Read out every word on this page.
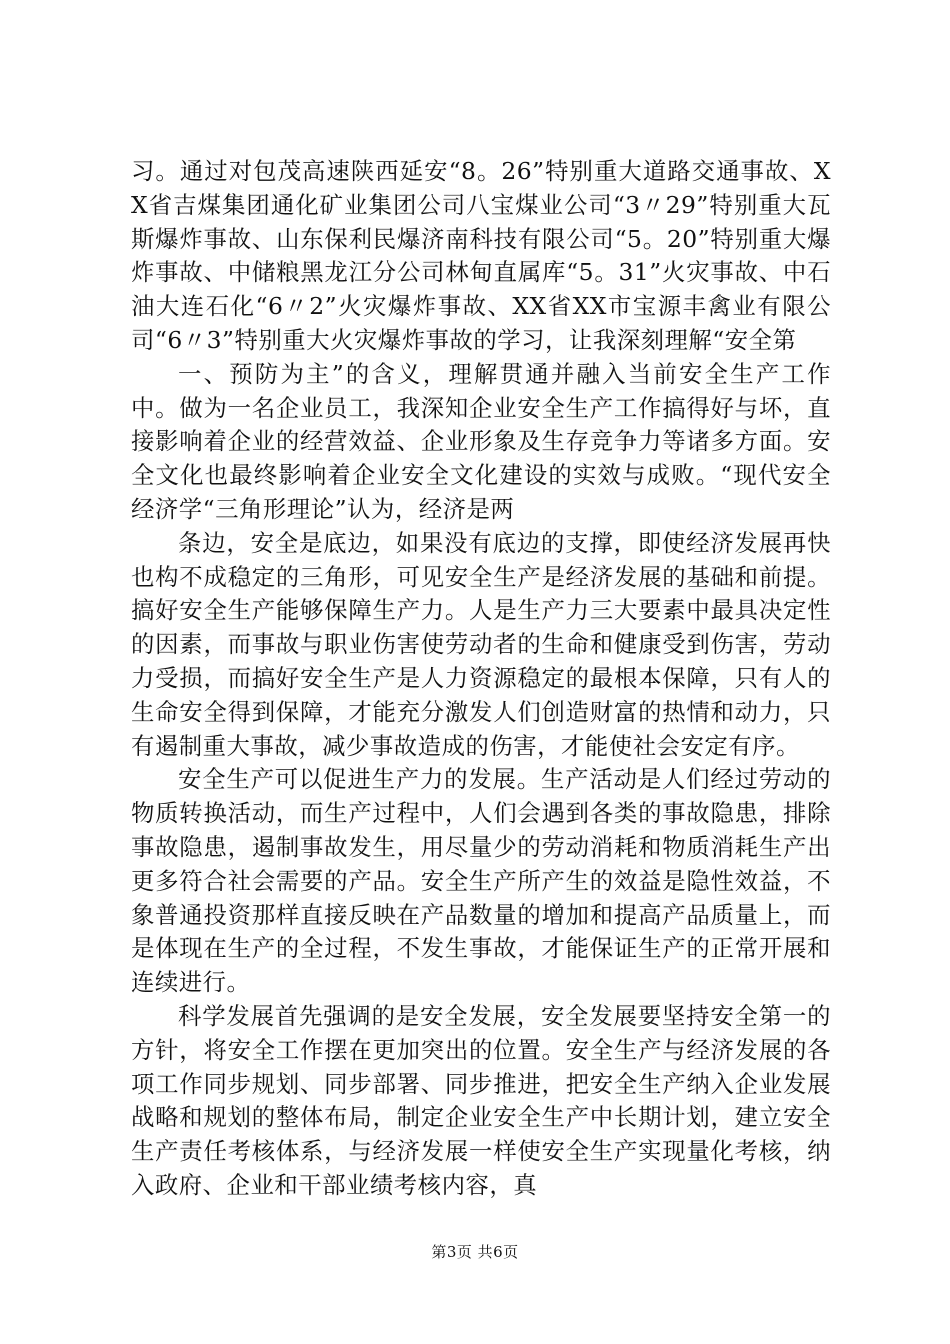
习。通过对包茂高速陕西延安“8。26”特别重大道路交通事故、XX省吉煤集团通化矿业集团公司八宝煤业公司“3〃29”特别重大瓦斯爆炸事故、山东保利民爆济南科技有限公司“5。20”特别重大爆炸事故、中储粮黑龙江分公司林甸直属库“5。31”火灾事故、中石油大连石化“6〃2”火灾爆炸事故、XX省XX市宝源丰禽业有限公司“6〃3”特别重大火灾爆炸事故的学习，让我深刻理解“安全第

一、预防为主”的含义，理解贯通并融入当前安全生产工作中。做为一名企业员工，我深知企业安全生产工作搞得好与坏，直接影响着企业的经营效益、企业形象及生存竞争力等诸多方面。安全文化也最终影响着企业安全文化建设的实效与成败。“现代安全经济学“三角形理论”认为，经济是两

条边，安全是底边，如果没有底边的支撑，即使经济发展再快也构不成稳定的三角形，可见安全生产是经济发展的基础和前提。搞好安全生产能够保障生产力。人是生产力三大要素中最具决定性的因素，而事故与职业伤害使劳动者的生命和健康受到伤害，劳动力受损，而搞好安全生产是人力资源稳定的最根本保障，只有人的生命安全得到保障，才能充分激发人们创造财富的热情和动力，只有遏制重大事故，减少事故造成的伤害，才能使社会安定有序。

安全生产可以促进生产力的发展。生产活动是人们经过劳动的物质转换活动，而生产过程中，人们会遇到各类的事故隐患，排除事故隐患，遏制事故发生，用尽量少的劳动消耗和物质消耗生产出更多符合社会需要的产品。安全生产所产生的效益是隐性效益，不象普通投资那样直接反映在产品数量的增加和提高产品质量上，而是体现在生产的全过程，不发生事故，才能保证生产的正常开展和连续进行。

科学发展首先强调的是安全发展，安全发展要坚持安全第一的方针，将安全工作摆在更加突出的位置。安全生产与经济发展的各项工作同步规划、同步部署、同步推进，把安全生产纳入企业发展战略和规划的整体布局，制定企业安全生产中长期计划，建立安全生产责任考核体系，与经济发展一样使安全生产实现量化考核，纳入政府、企业和干部业绩考核内容，真

第3页 共6页
